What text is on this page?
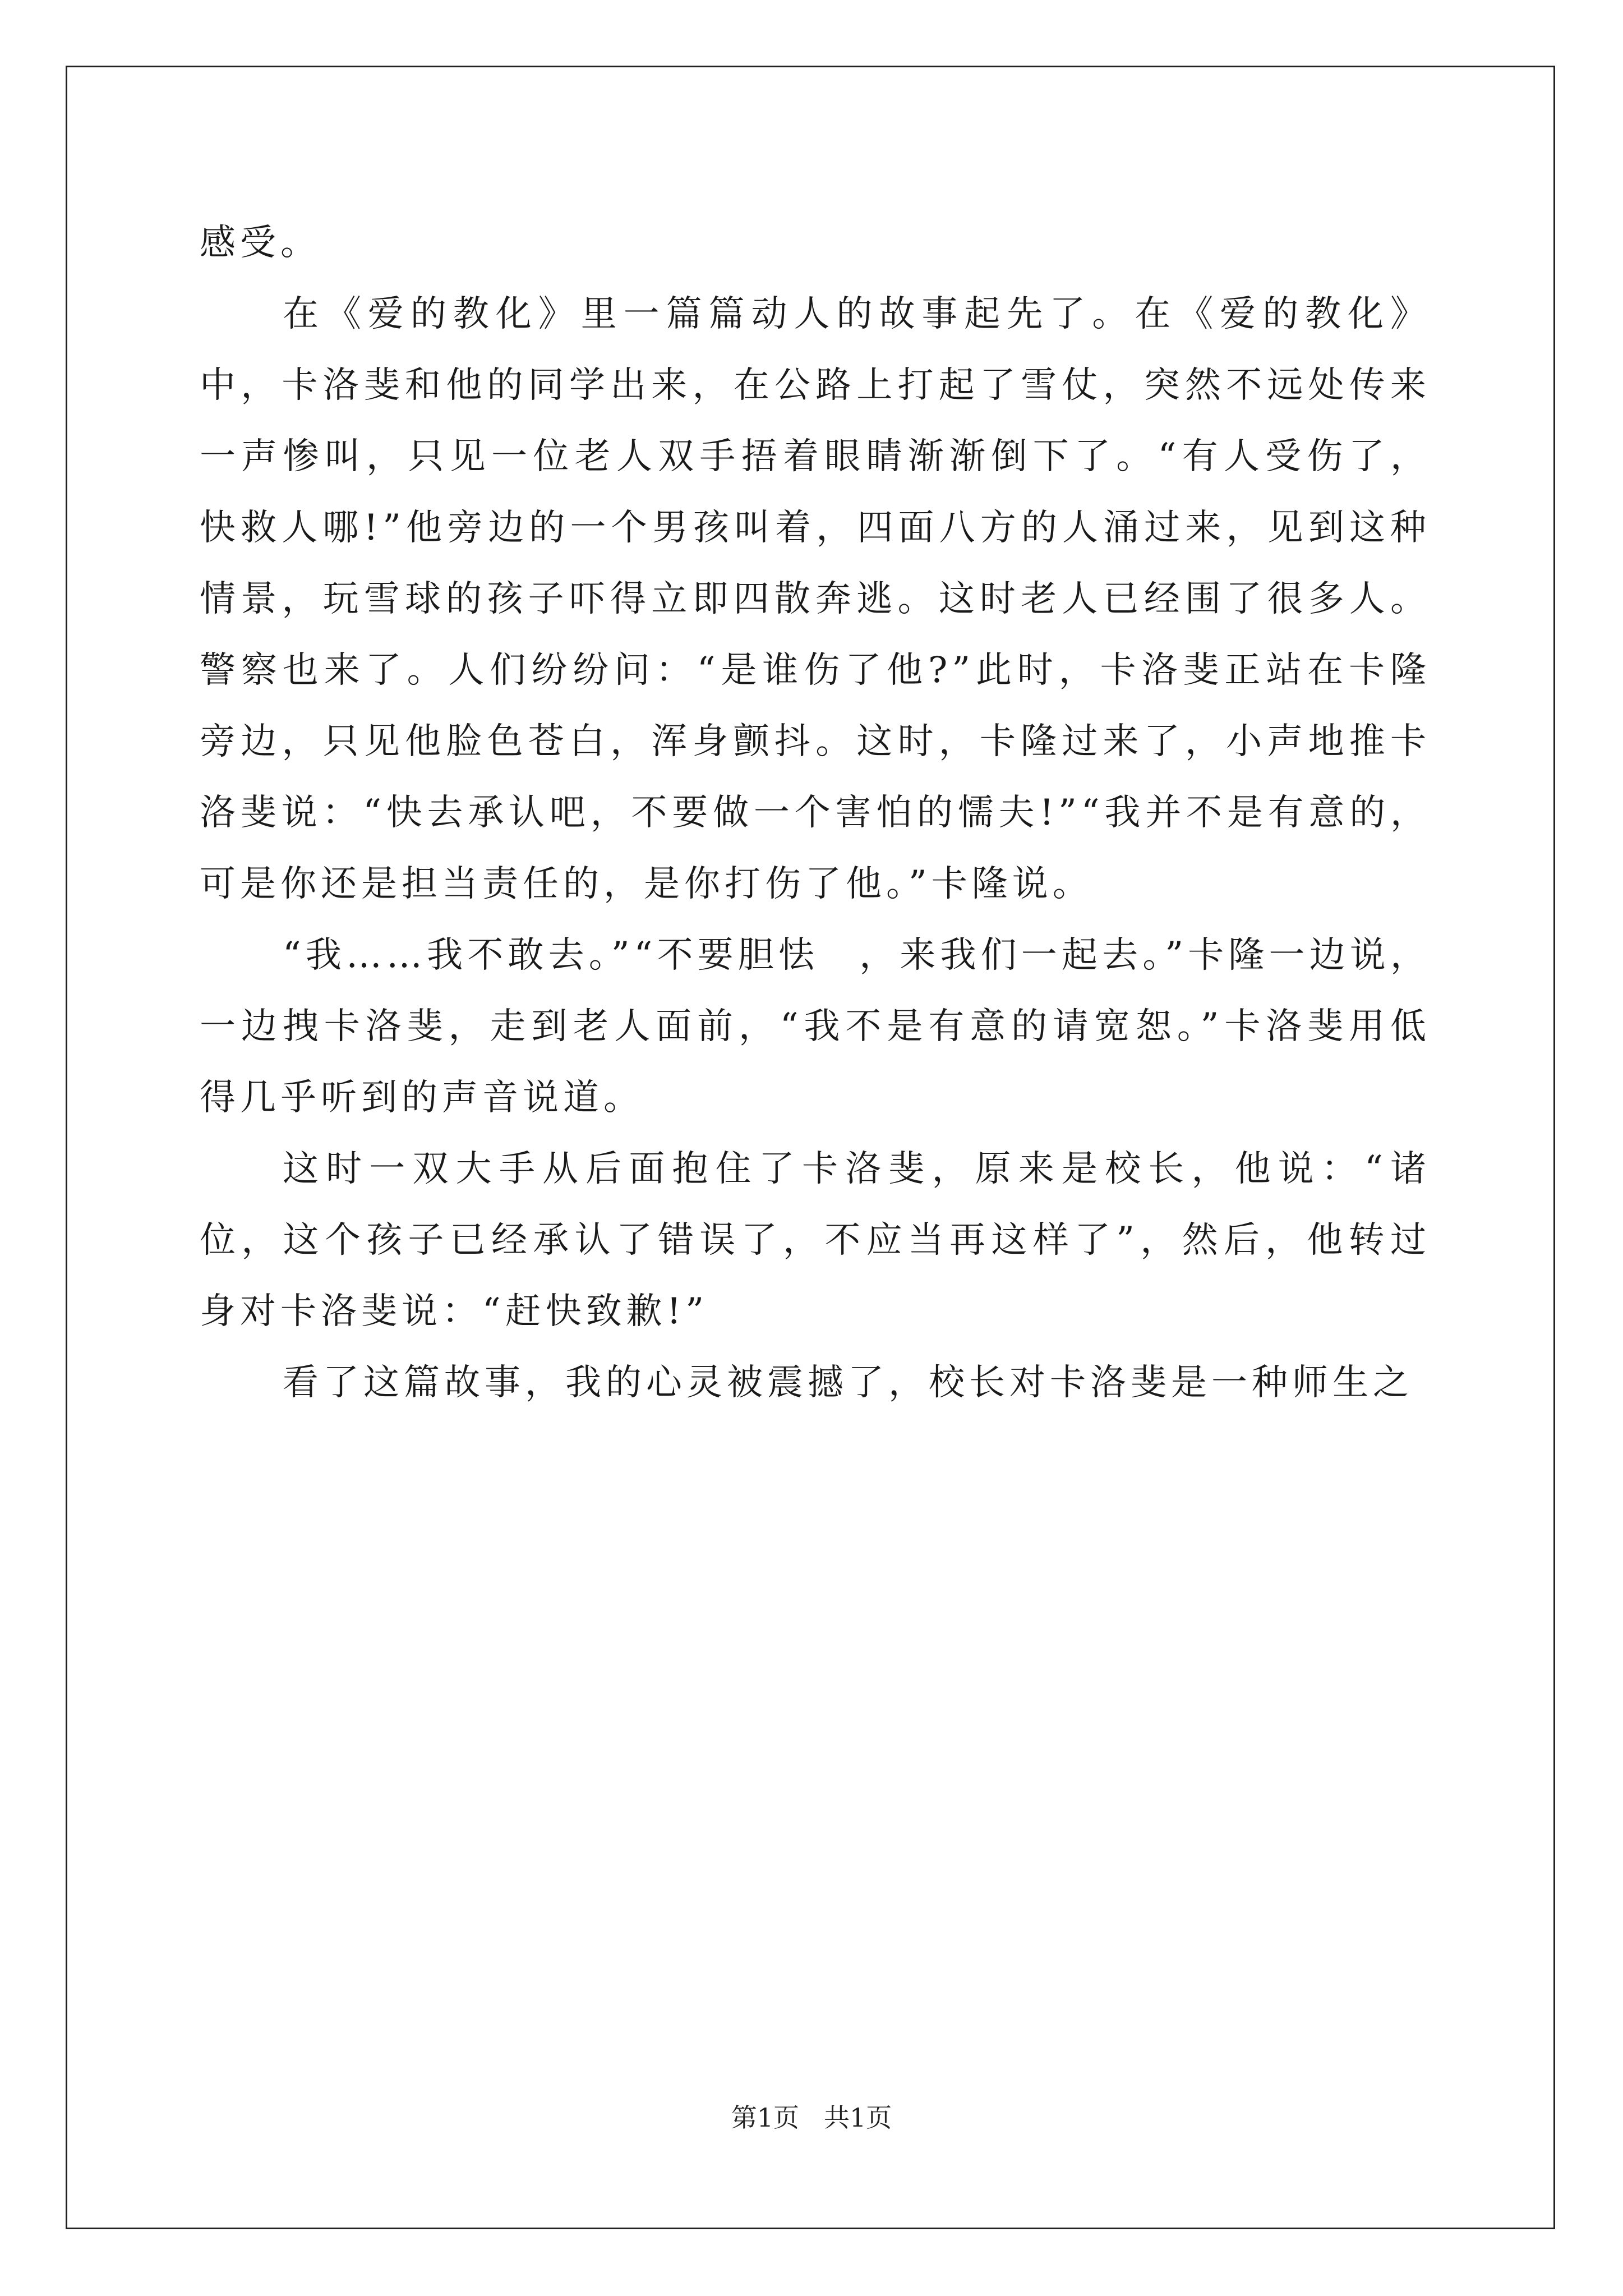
感受。

在《爱的教化》里一篇篇动人的故事起先了。在《爱的教化》中，卡洛斐和他的同学出来，在公路上打起了雪仗，突然不远处传来一声惨叫，只见一位老人双手捂着眼睛渐渐倒下了。“有人受伤了，快救人哪!”他旁边的一个男孩叫着，四面八方的人涌过来，见到这种情景，玩雪球的孩子吓得立即四散奔逃。这时老人已经围了很多人。警察也来了。人们纷纷问：“是谁伤了他?”此时，卡洛斐正站在卡隆旁边，只见他脸色苍白，浑身颤抖。这时，卡隆过来了，小声地推卡洛斐说：“快去承认吧，不要做一个害怕的懦夫!”“我并不是有意的，可是你还是担当责任的，是你打伤了他。”卡隆说。

“我……我不敢去。”“不要胆怯　，来我们一起去。”卡隆一边说，一边拽卡洛斐，走到老人面前，“我不是有意的请宽恕。”卡洛斐用低得几乎听到的声音说道。

这时一双大手从后面抱住了卡洛斐，原来是校长，他说：“诸位，这个孩子已经承认了错误了，不应当再这样了”，然后，他转过身对卡洛斐说：“赶快致歉!”

看了这篇故事，我的心灵被震撼了，校长对卡洛斐是一种师生之

第1页 共1页
